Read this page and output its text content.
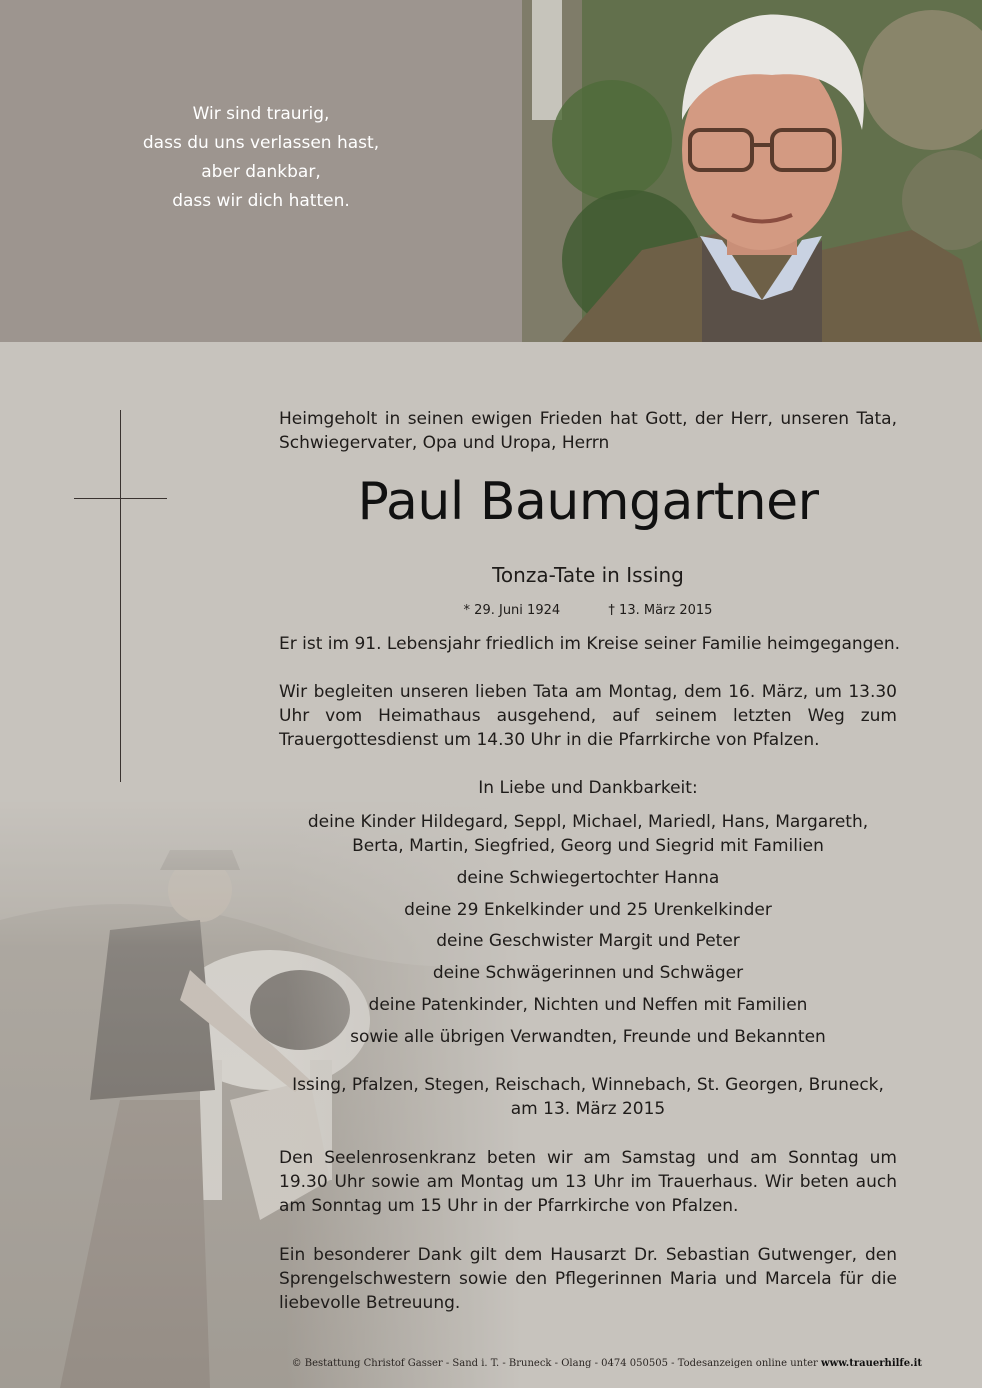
Wir sind traurig,
dass du uns verlassen hast,
aber dankbar,
dass wir dich hatten.
Heimgeholt in seinen ewigen Frieden hat Gott, der Herr, unseren Tata, Schwiegervater, Opa und Uropa, Herrn
Paul Baumgartner
Tonza-Tate in Issing
* 29. Juni 1924	† 13. März 2015
Er ist im 91. Lebensjahr friedlich im Kreise seiner Familie heimgegangen.
Wir begleiten unseren lieben Tata am Montag, dem 16. März, um 13.30 Uhr vom Heimathaus ausgehend, auf seinem letzten Weg zum Trauergottesdienst um 14.30 Uhr in die Pfarrkirche von Pfalzen.
In Liebe und Dankbarkeit:
deine Kinder Hildegard, Seppl, Michael, Mariedl, Hans, Margareth,
Berta, Martin, Siegfried, Georg und Siegrid mit Familien
deine Schwiegertochter Hanna
deine 29 Enkelkinder und 25 Urenkelkinder
deine Geschwister Margit und Peter
deine Schwägerinnen und Schwäger
deine Patenkinder, Nichten und Neffen mit Familien
sowie alle übrigen Verwandten, Freunde und Bekannten
Issing, Pfalzen, Stegen, Reischach, Winnebach, St. Georgen, Bruneck,
am 13. März 2015
Den Seelenrosenkranz beten wir am Samstag und am Sonntag um 19.30 Uhr sowie am Montag um 13 Uhr im Trauerhaus. Wir beten auch am Sonntag um 15 Uhr in der Pfarrkirche von Pfalzen.
Ein besonderer Dank gilt dem Hausarzt Dr. Sebastian Gutwenger, den Sprengelschwestern sowie den Pflegerinnen Maria und Marcela für die liebevolle Betreuung.
© Bestattung Christof Gasser - Sand i. T. - Bruneck - Olang - 0474 050505 - Todesanzeigen online unter www.trauerhilfe.it
